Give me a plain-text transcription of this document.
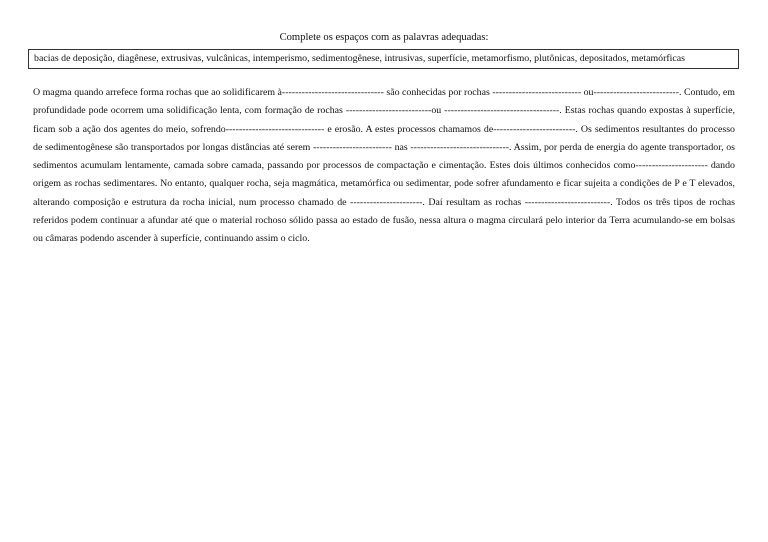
Complete os espaços com as palavras adequadas:
bacias de deposição, diagênese, extrusivas, vulcânicas, intemperismo, sedimentogênese, intrusivas, superfície, metamorfismo, plutônicas, depositados, metamórficas

O magma quando arrefece forma rochas que ao solidificarem à------------------------------- são conhecidas por rochas --------------------------- ou--------------------------. Contudo, em profundidade pode ocorrem uma solidificação lenta, com formação de rochas --------------------------ou -----------------------------------. Estas rochas quando expostas à superfície, ficam sob a ação dos agentes do meio, sofrendo------------------------------ e erosão. A estes processos chamamos de-------------------------. Os sedimentos resultantes do processo de sedimentogênese são transportados por longas distâncias até serem ------------------------ nas ------------------------------. Assim, por perda de energia do agente transportador, os sedimentos acumulam lentamente, camada sobre camada, passando por processos de compactação e cimentação. Estes dois últimos conhecidos como---------------------- dando origem as rochas sedimentares. No entanto, qualquer rocha, seja magmática, metamórfica ou sedimentar, pode sofrer afundamento e ficar sujeita a condições de P e T elevados, alterando composição e estrutura da rocha inicial, num processo chamado de ----------------------. Daí resultam as rochas --------------------------. Todos os três tipos de rochas referidos podem continuar a afundar até que o material rochoso sólido passa ao estado de fusão, nessa altura o magma circulará pelo interior da Terra acumulando-se em bolsas ou câmaras podendo ascender à superfície, continuando assim o ciclo.
